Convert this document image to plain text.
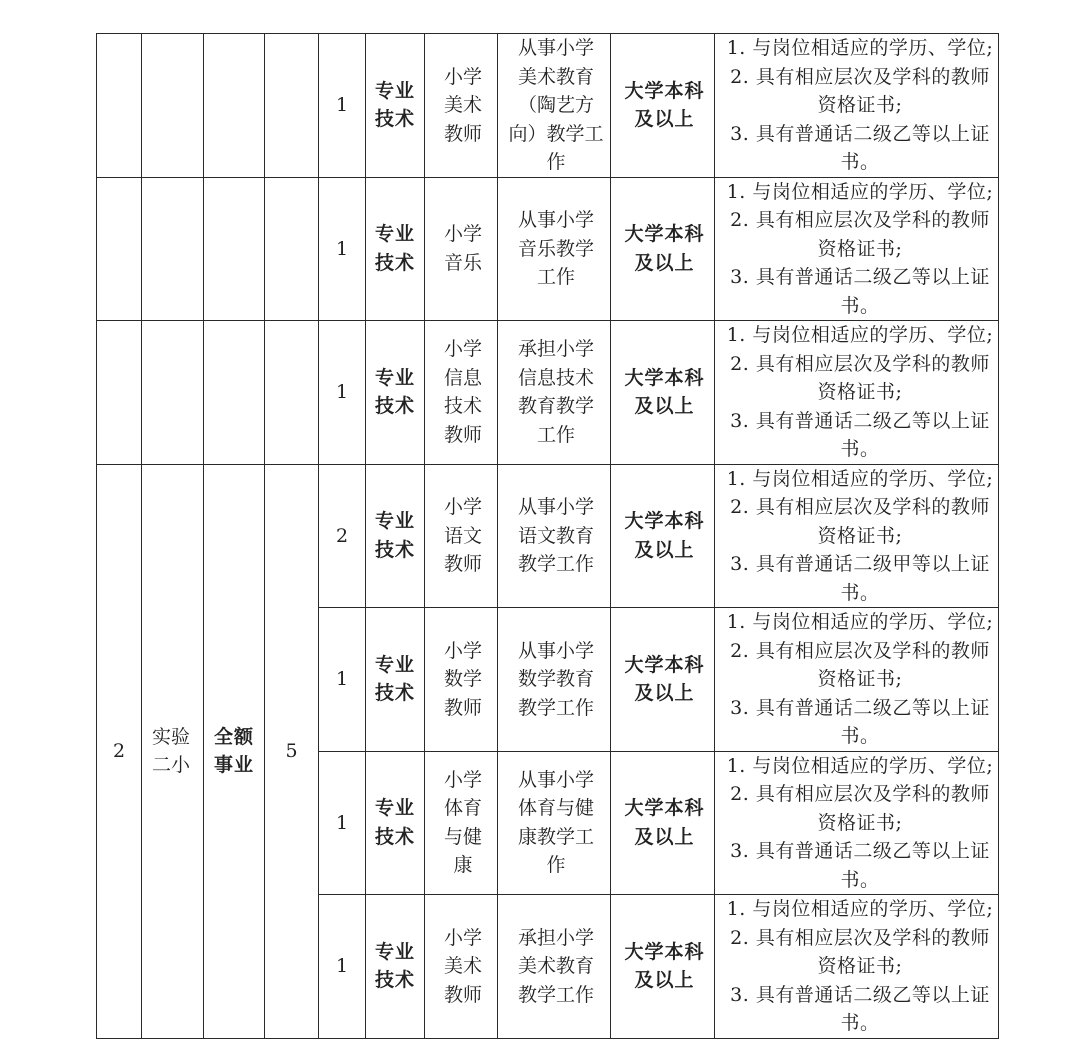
				1	专业
技术	小学
美术
教师	从事小学
美术教育
（陶艺方
向）教学工
作	大学本科
及以上	1. 与岗位相适应的学历、学位;
2. 具有相应层次及学科的教师
资格证书;
3. 具有普通话二级乙等以上证
书。

				1	专业
技术	小学
音乐	从事小学
音乐教学
工作	大学本科
及以上	1. 与岗位相适应的学历、学位;
2. 具有相应层次及学科的教师
资格证书;
3. 具有普通话二级乙等以上证
书。

				1	专业
技术	小学
信息
技术
教师	承担小学
信息技术
教育教学
工作	大学本科
及以上	1. 与岗位相适应的学历、学位;
2. 具有相应层次及学科的教师
资格证书;
3. 具有普通话二级乙等以上证
书。

2	实验
二小	全额
事业	5	2	专业
技术	小学
语文
教师	从事小学
语文教育
教学工作	大学本科
及以上	1. 与岗位相适应的学历、学位;
2. 具有相应层次及学科的教师
资格证书;
3. 具有普通话二级甲等以上证
书。

				1	专业
技术	小学
数学
教师	从事小学
数学教育
教学工作	大学本科
及以上	1. 与岗位相适应的学历、学位;
2. 具有相应层次及学科的教师
资格证书;
3. 具有普通话二级乙等以上证
书。

				1	专业
技术	小学
体育
与健
康	从事小学
体育与健
康教学工
作	大学本科
及以上	1. 与岗位相适应的学历、学位;
2. 具有相应层次及学科的教师
资格证书;
3. 具有普通话二级乙等以上证
书。

				1	专业
技术	小学
美术
教师	承担小学
美术教育
教学工作	大学本科
及以上	1. 与岗位相适应的学历、学位;
2. 具有相应层次及学科的教师
资格证书;
3. 具有普通话二级乙等以上证
书。
